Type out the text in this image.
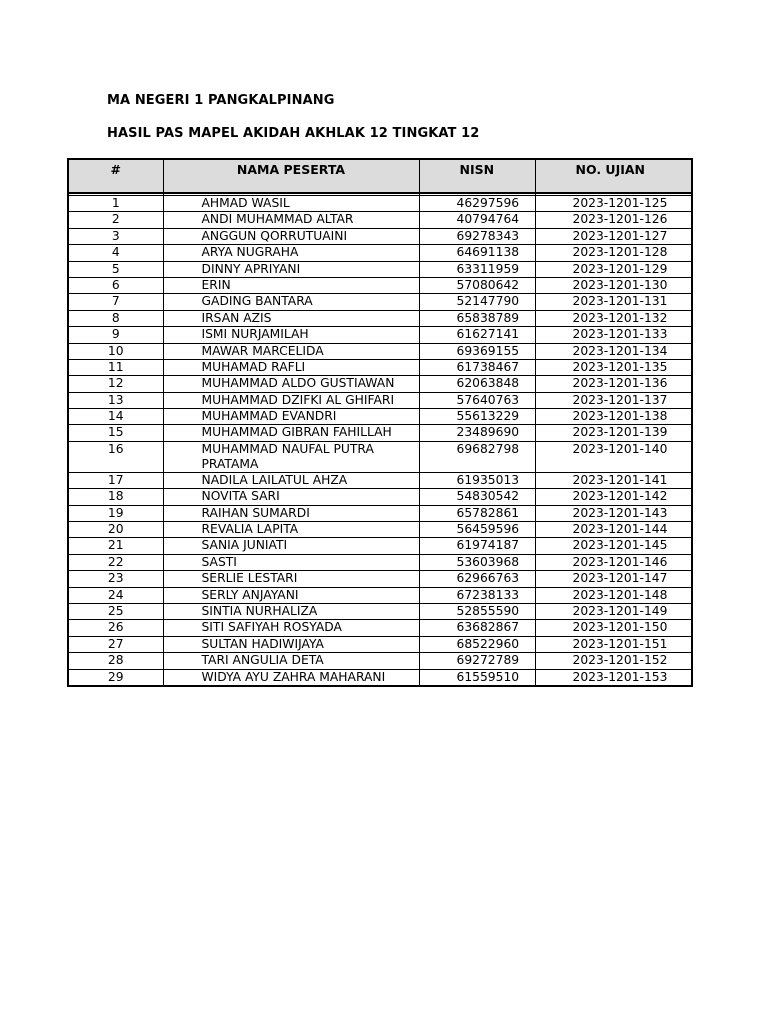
MA NEGERI 1 PANGKALPINANG
HASIL PAS MAPEL AKIDAH AKHLAK 12 TINGKAT 12
#	NAMA PESERTA	NISN	NO. UJIAN

1	AHMAD WASIL	46297596	2023-1201-125
2	ANDI MUHAMMAD ALTAR	40794764	2023-1201-126
3	ANGGUN QORRUTUAINI	69278343	2023-1201-127
4	ARYA NUGRAHA	64691138	2023-1201-128
5	DINNY APRIYANI	63311959	2023-1201-129
6	ERIN	57080642	2023-1201-130
7	GADING BANTARA	52147790	2023-1201-131
8	IRSAN AZIS	65838789	2023-1201-132
9	ISMI NURJAMILAH	61627141	2023-1201-133
10	MAWAR MARCELIDA	69369155	2023-1201-134
11	MUHAMAD RAFLI	61738467	2023-1201-135
12	MUHAMMAD ALDO GUSTIAWAN	62063848	2023-1201-136
13	MUHAMMAD DZIFKI AL GHIFARI	57640763	2023-1201-137
14	MUHAMMAD EVANDRI	55613229	2023-1201-138
15	MUHAMMAD GIBRAN FAHILLAH	23489690	2023-1201-139
16	MUHAMMAD NAUFAL PUTRA PRATAMA	69682798	2023-1201-140
17	NADILA LAILATUL AHZA	61935013	2023-1201-141
18	NOVITA SARI	54830542	2023-1201-142
19	RAIHAN SUMARDI	65782861	2023-1201-143
20	REVALIA LAPITA	56459596	2023-1201-144
21	SANIA JUNIATI	61974187	2023-1201-145
22	SASTI	53603968	2023-1201-146
23	SERLIE LESTARI	62966763	2023-1201-147
24	SERLY ANJAYANI	67238133	2023-1201-148
25	SINTIA NURHALIZA	52855590	2023-1201-149
26	SITI SAFIYAH ROSYADA	63682867	2023-1201-150
27	SULTAN HADIWIJAYA	68522960	2023-1201-151
28	TARI ANGULIA DETA	69272789	2023-1201-152
29	WIDYA AYU ZAHRA MAHARANI	61559510	2023-1201-153
